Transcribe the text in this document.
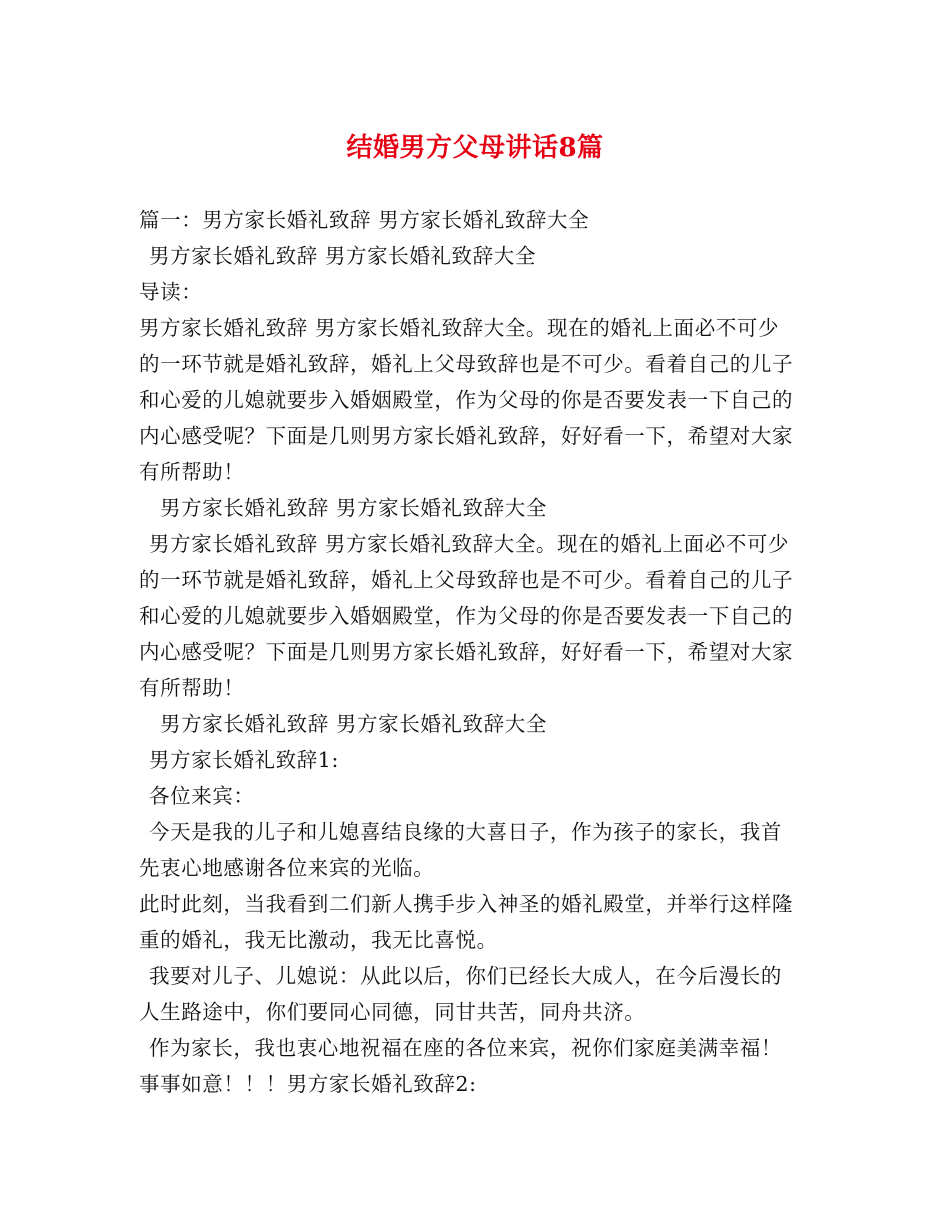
结婚男方父母讲话8篇
篇一：男方家长婚礼致辞 男方家长婚礼致辞大全
男方家长婚礼致辞 男方家长婚礼致辞大全
导读：
男方家长婚礼致辞 男方家长婚礼致辞大全。现在的婚礼上面必不可少
的一环节就是婚礼致辞，婚礼上父母致辞也是不可少。看着自己的儿子
和心爱的儿媳就要步入婚姻殿堂，作为父母的你是否要发表一下自己的
内心感受呢？下面是几则男方家长婚礼致辞，好好看一下，希望对大家
有所帮助！
男方家长婚礼致辞 男方家长婚礼致辞大全
男方家长婚礼致辞 男方家长婚礼致辞大全。现在的婚礼上面必不可少
的一环节就是婚礼致辞，婚礼上父母致辞也是不可少。看着自己的儿子
和心爱的儿媳就要步入婚姻殿堂，作为父母的你是否要发表一下自己的
内心感受呢？下面是几则男方家长婚礼致辞，好好看一下，希望对大家
有所帮助！
男方家长婚礼致辞 男方家长婚礼致辞大全
男方家长婚礼致辞1:
各位来宾：
今天是我的儿子和儿媳喜结良缘的大喜日子，作为孩子的家长，我首
先衷心地感谢各位来宾的光临。
此时此刻，当我看到二们新人携手步入神圣的婚礼殿堂，并举行这样隆
重的婚礼，我无比激动，我无比喜悦。
我要对儿子、儿媳说：从此以后，你们已经长大成人，在今后漫长的
人生路途中，你们要同心同德，同甘共苦，同舟共济。
作为家长，我也衷心地祝福在座的各位来宾，祝你们家庭美满幸福！
事事如意！！！男方家长婚礼致辞2:
